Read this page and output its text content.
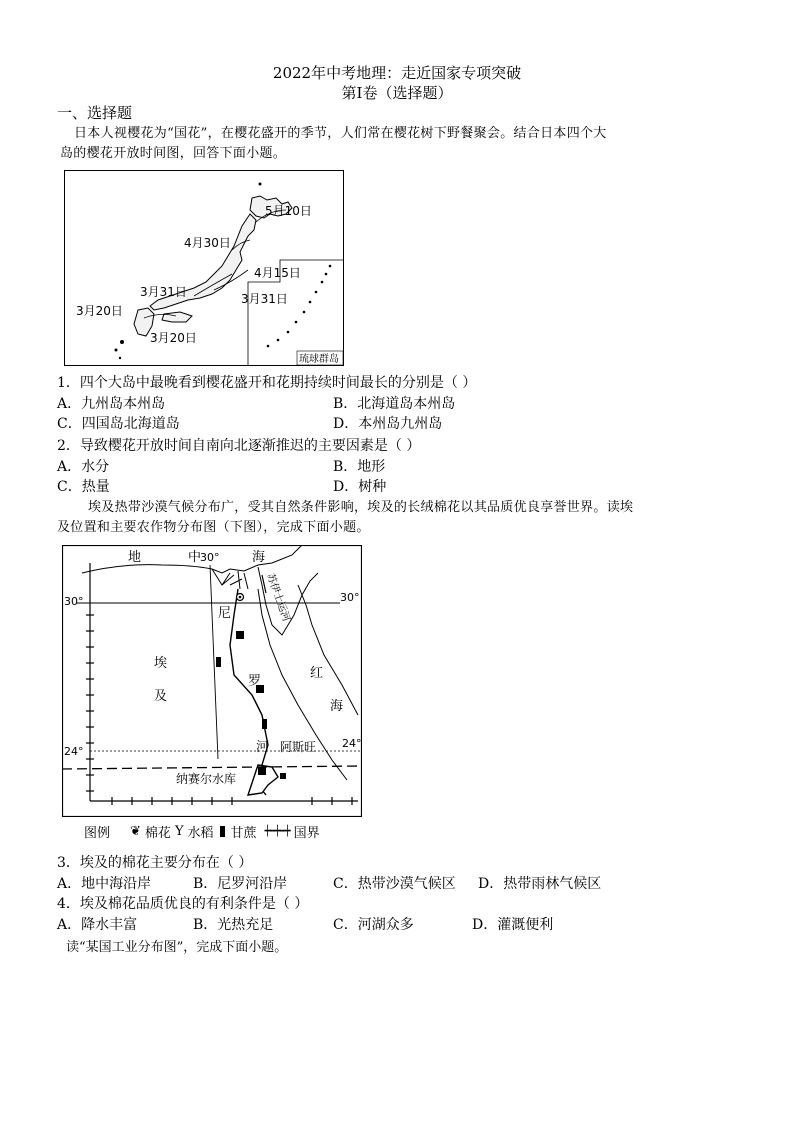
2022年中考地理：走近国家专项突破
第I卷（选择题）
一、选择题
日本人视樱花为“国花”，在樱花盛开的季节，人们常在樱花树下野餐聚会。结合日本四个大
岛的樱花开放时间图，回答下面小题。
5月10日
4月30日
4月15日
3月31日	3月31日
3月20日
3月20日
琉球群岛
1．四个大岛中最晚看到樱花盛开和花期持续时间最长的分别是（ ）
A．九州岛本州岛	B．北海道岛本州岛
C．四国岛北海道岛	D．本州岛九州岛
2．导致樱花开放时间自南向北逐渐推迟的主要因素是（ ）
A．水分	B．地形
C．热量	D．树种
埃及热带沙漠气候分布广，受其自然条件影响，埃及的长绒棉花以其品质优良享誉世界。读埃
及位置和主要农作物分布图（下图），完成下面小题。
地	中
30°	海
30°	30°
苏伊士运河
埃
及
尼
罗
河
红
海
阿斯旺
24°
24°
纳赛尔水库
图例 ❦ 棉花 Y 水稻 甘蔗 ┿━┿━┿ 国界
3．埃及的棉花主要分布在（ ）
A．地中海沿岸	B．尼罗河沿岸	C．热带沙漠气候区 D．热带雨林气候区
4．埃及棉花品质优良的有利条件是（ ）
A．降水丰富	B．光热充足	C．河湖众多	D．灌溉便利
读“某国工业分布图”，完成下面小题。
